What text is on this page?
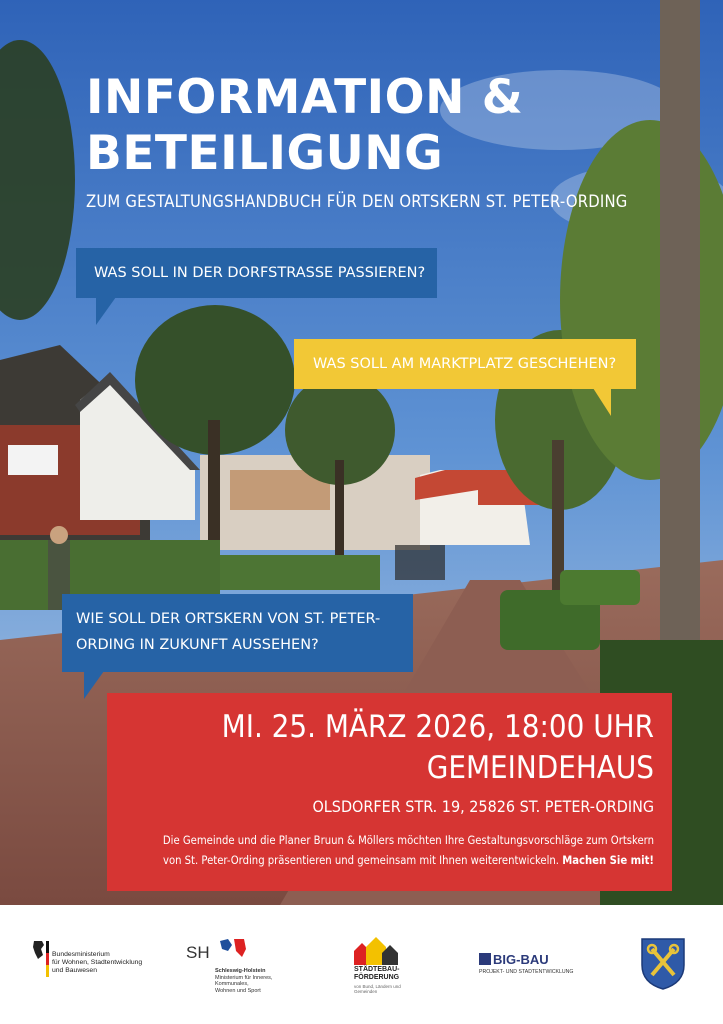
INFORMATION &
BETEILIGUNG
ZUM GESTALTUNGSHANDBUCH FÜR DEN ORTSKERN ST. PETER-ORDING
WAS SOLL IN DER DORFSTRASSE PASSIEREN?
WAS SOLL AM MARKTPLATZ GESCHEHEN?
WIE SOLL DER ORTSKERN VON ST. PETER-
ORDING IN ZUKUNFT AUSSEHEN?
MI. 25. MÄRZ 2026, 18:00 UHR
GEMEINDEHAUS
OLSDORFER STR. 19, 25826 ST. PETER-ORDING
Die Gemeinde und die Planer Bruun & Möllers möchten Ihre Gestaltungsvorschläge zum Ortskern
von St. Peter-Ording präsentieren und gemeinsam mit Ihnen weiterentwickeln. Machen Sie mit!
Bundesministerium
für Wohnen, Stadtentwicklung
und Bauwesen
SH
Schleswig-Holstein
Ministerium für Inneres,
Kommunales,
Wohnen und Sport
STÄDTEBAU-
FÖRDERUNG
von Bund, Ländern und
Gemeinden
BIG-BAU
PROJEKT- UND STADTENTWICKLUNG
